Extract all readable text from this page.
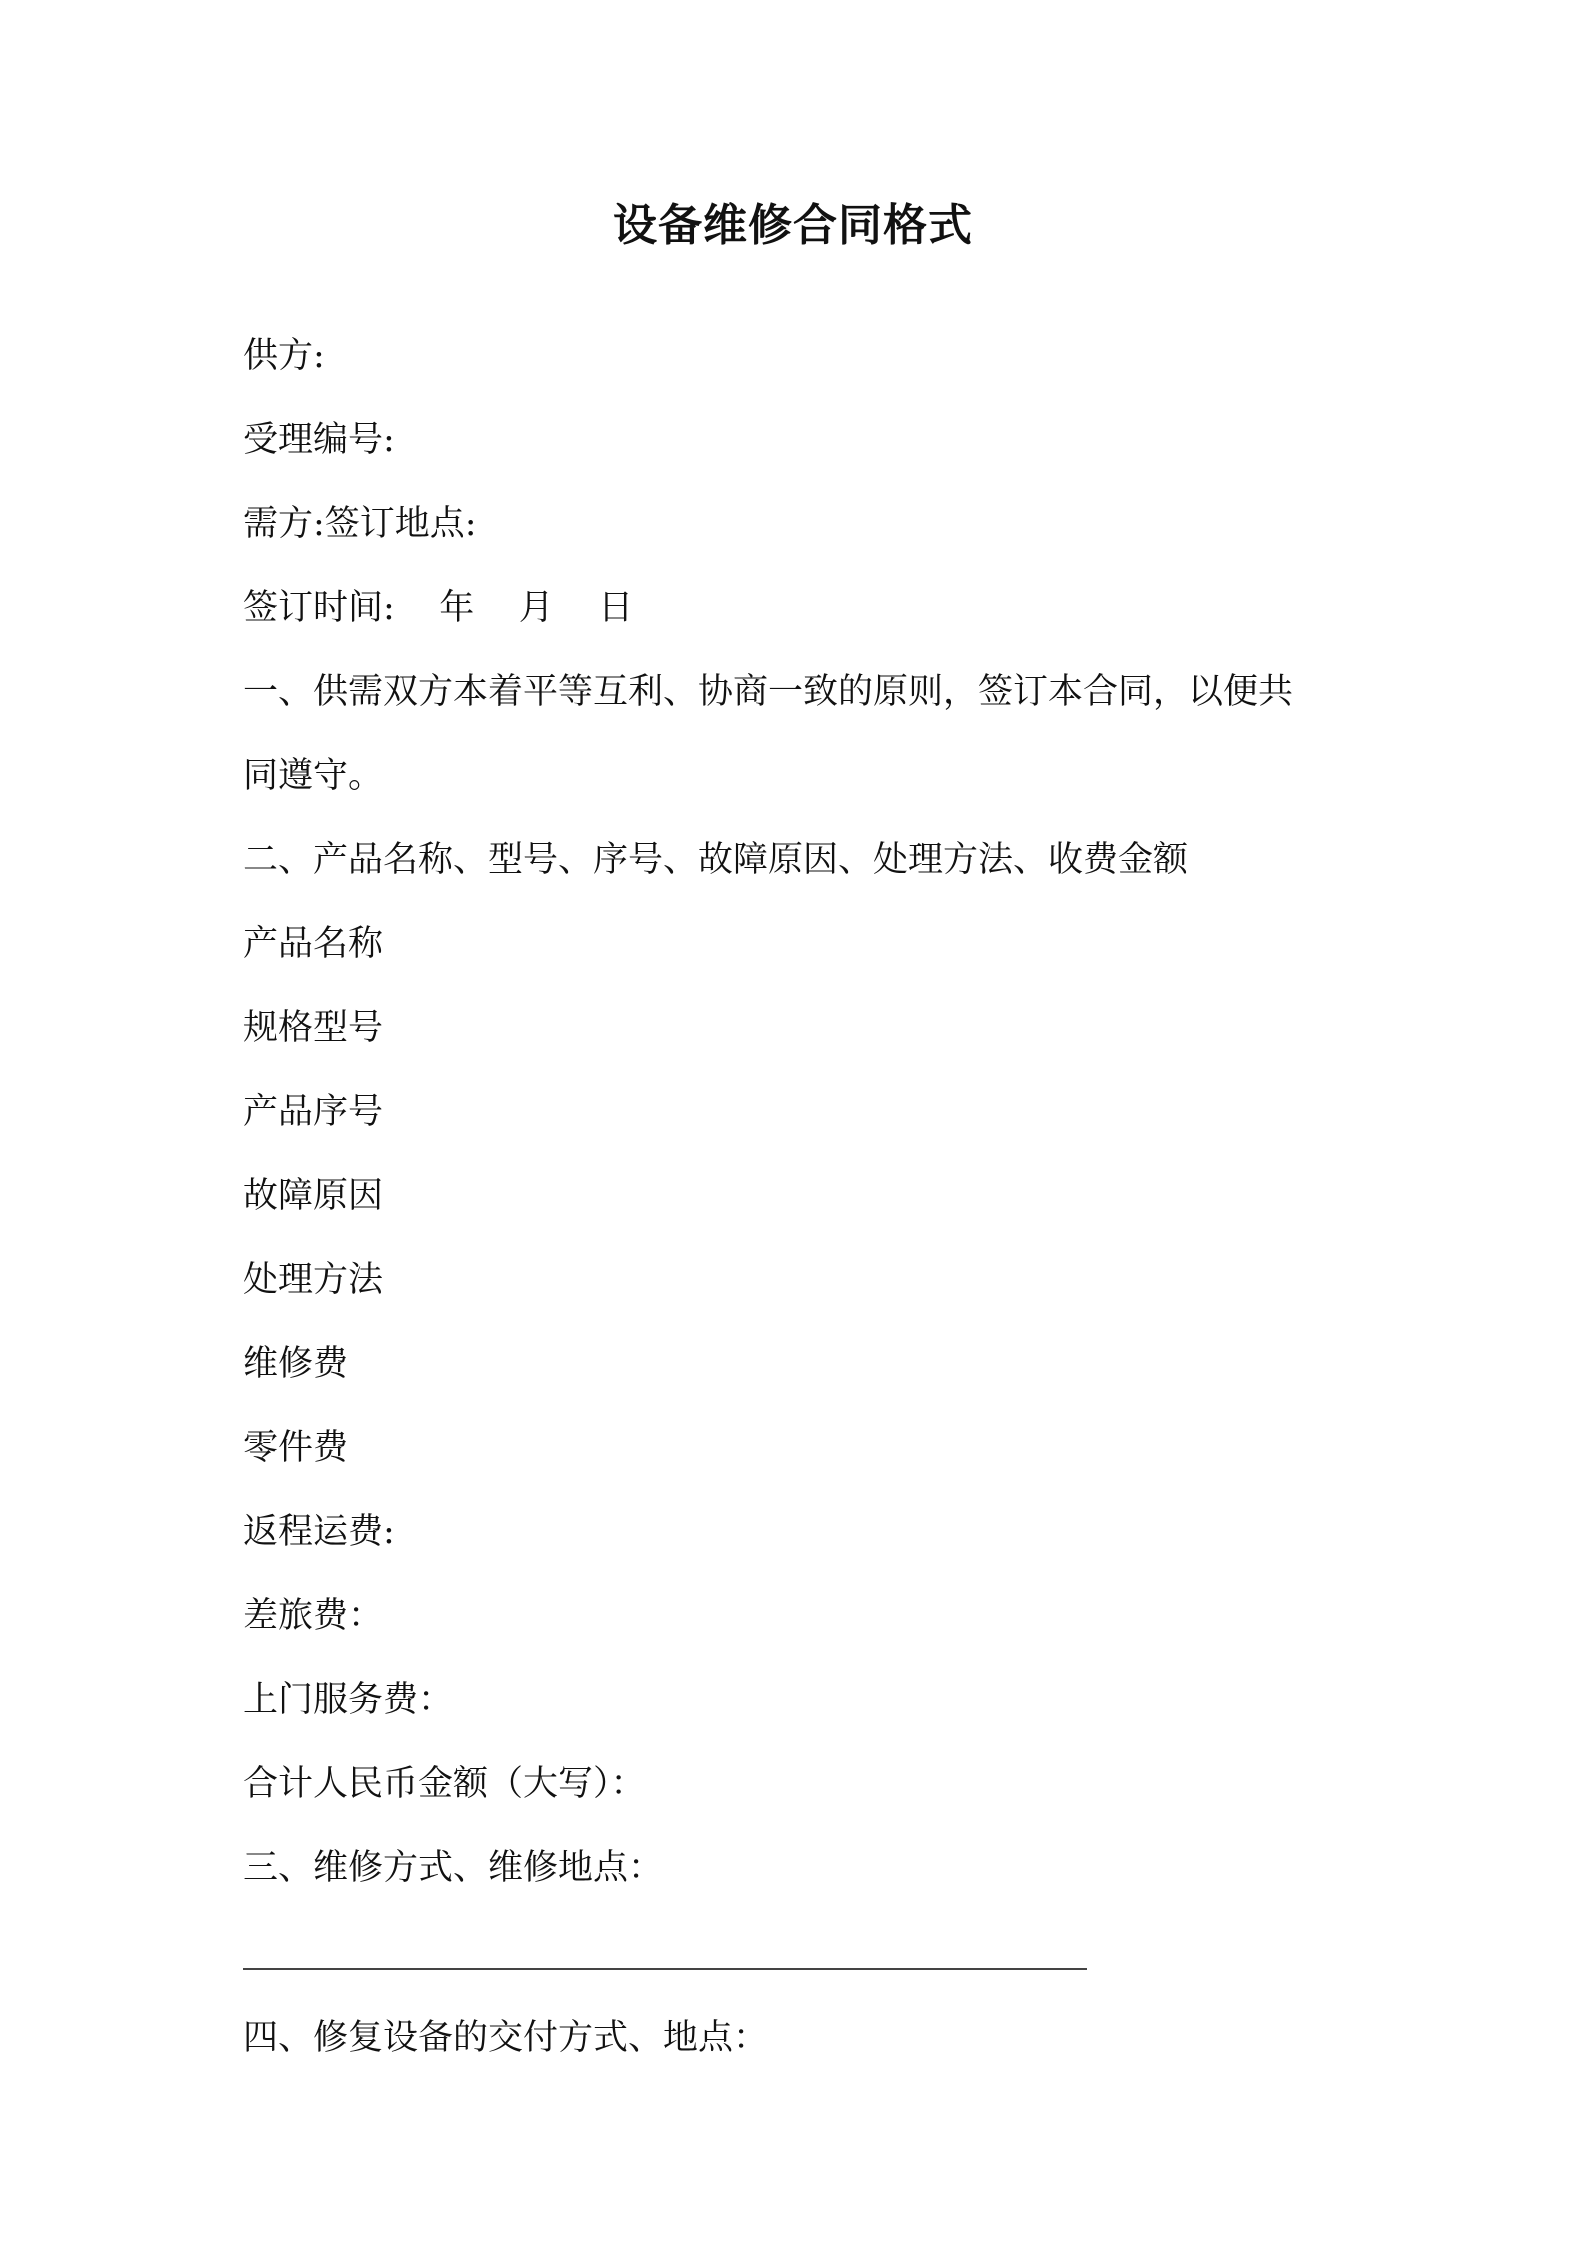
设备维修合同格式
供方:
受理编号:
需方:签订地点:
签订时间:    年    月    日
一、供需双方本着平等互利、协商一致的原则，签订本合同，以便共
同遵守。
二、产品名称、型号、序号、故障原因、处理方法、收费金额
产品名称
规格型号
产品序号
故障原因
处理方法
维修费
零件费
返程运费:
差旅费：
上门服务费：
合计人民币金额（大写）：
三、维修方式、维修地点：
四、修复设备的交付方式、地点：
